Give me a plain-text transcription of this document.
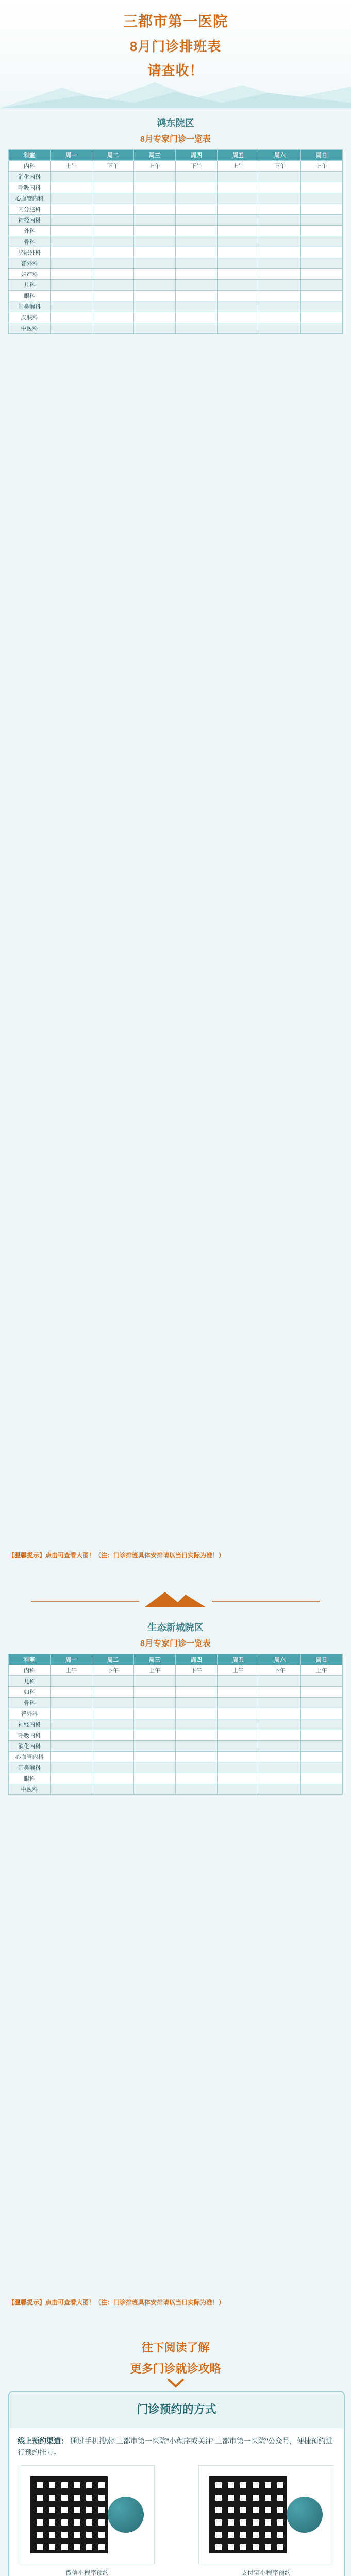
三都市第一医院
8月门诊排班表
请查收！
鸿东院区
8月专家门诊一览表
科室	周一	周二	周三	周四	周五	周六	周日
内科	上午	下午	上午	下午	上午	下午	上午
消化内科							
呼吸内科							
心血管内科							
内分泌科							
神经内科							
外科							
骨科							
泌尿外科							
普外科							
妇产科							
儿科							
眼科							
耳鼻喉科							
皮肤科							
中医科							
【温馨提示】点击可查看大图！（注：门诊排班具体安排请以当日实际为准！）
生态新城院区
8月专家门诊一览表
科室	周一	周二	周三	周四	周五	周六	周日
内科	上午	下午	上午	下午	上午	下午	上午
儿科							
妇科							
骨科							
普外科							
神经内科							
呼吸内科							
消化内科							
心血管内科							
耳鼻喉科							
眼科							
中医科							
【温馨提示】点击可查看大图！（注：门诊排班具体安排请以当日实际为准！）
往下阅读了解
更多门诊就诊攻略
门诊预约的方式
线上预约渠道： 通过手机搜索"三都市第一医院"小程序或关注"三都市第一医院"公众号，便捷预约进行预约挂号。
微信小程序预约	支付宝小程序预约
